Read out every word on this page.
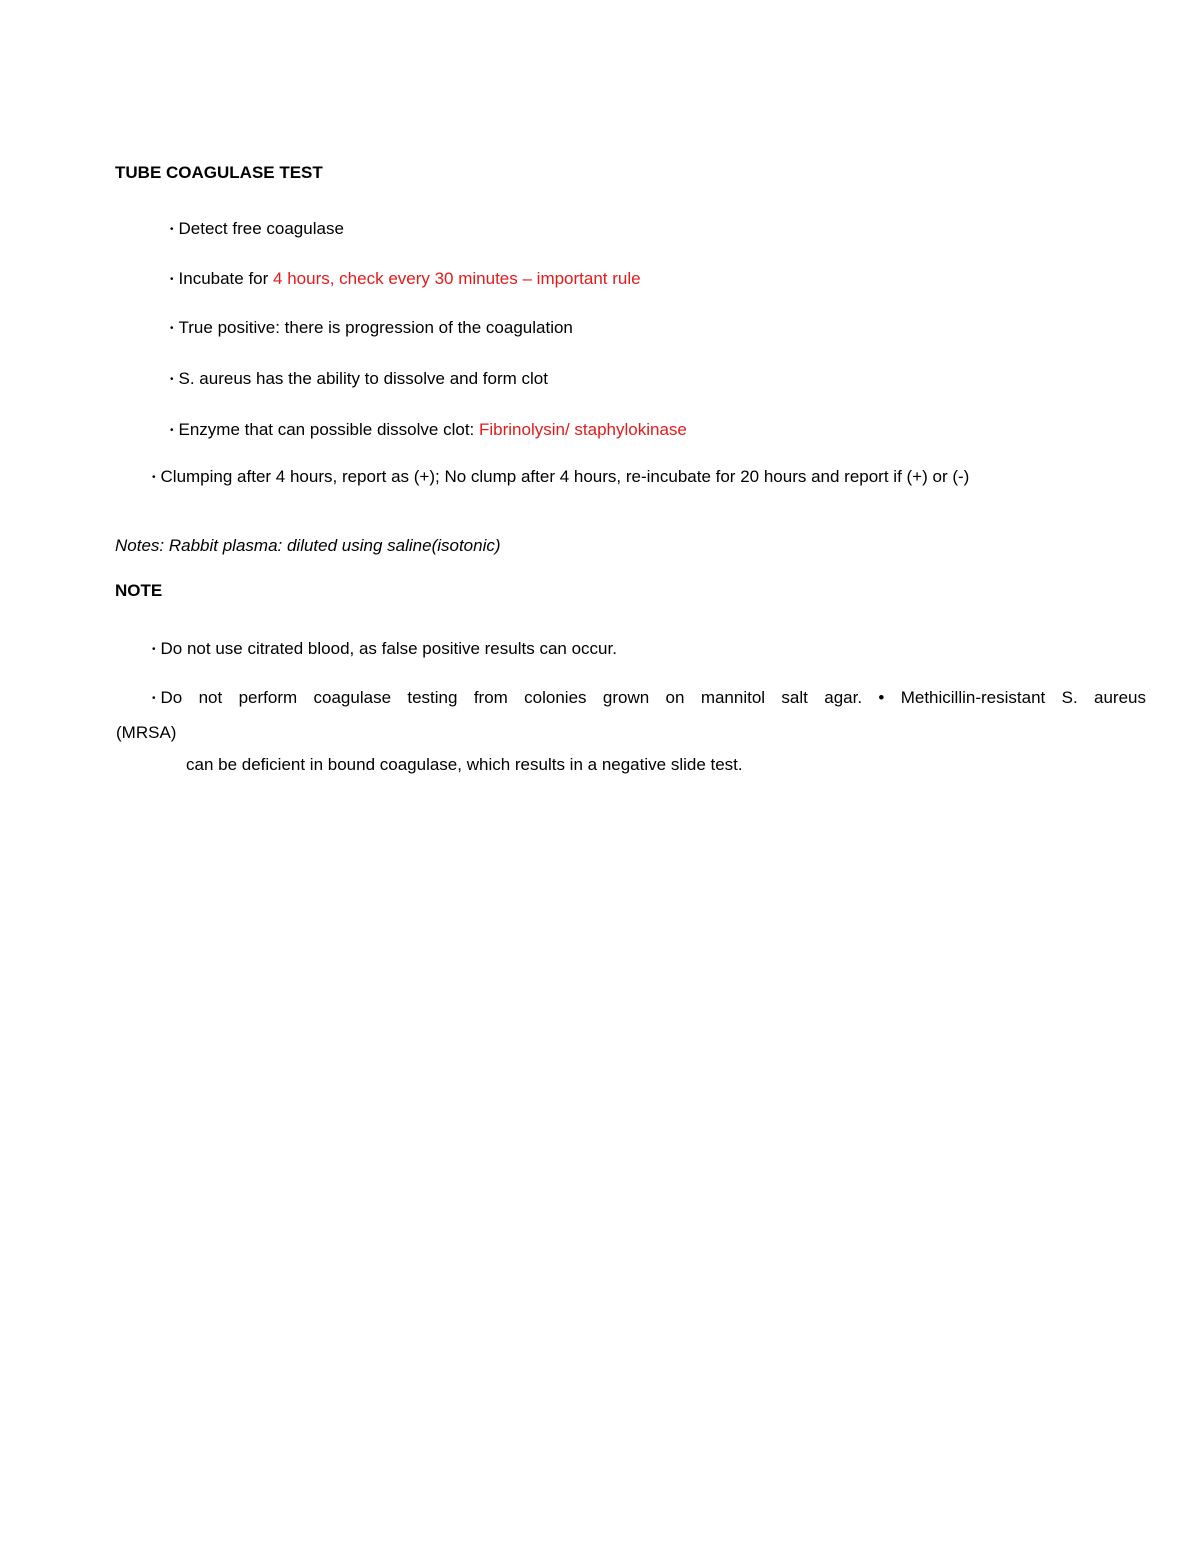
TUBE COAGULASE TEST
• Detect free coagulase
• Incubate for 4 hours, check every 30 minutes – important rule
• True positive: there is progression of the coagulation
• S. aureus has the ability to dissolve and form clot
• Enzyme that can possible dissolve clot: Fibrinolysin/ staphylokinase
• Clumping after 4 hours, report as (+); No clump after 4 hours, re-incubate for 20 hours and report if (+) or (-)
Notes: Rabbit plasma: diluted using saline(isotonic)
NOTE
• Do not use citrated blood, as false positive results can occur.
• Do not perform coagulase testing from colonies grown on mannitol salt agar. • Methicillin-resistant S. aureus
(MRSA)
can be deficient in bound coagulase, which results in a negative slide test.
